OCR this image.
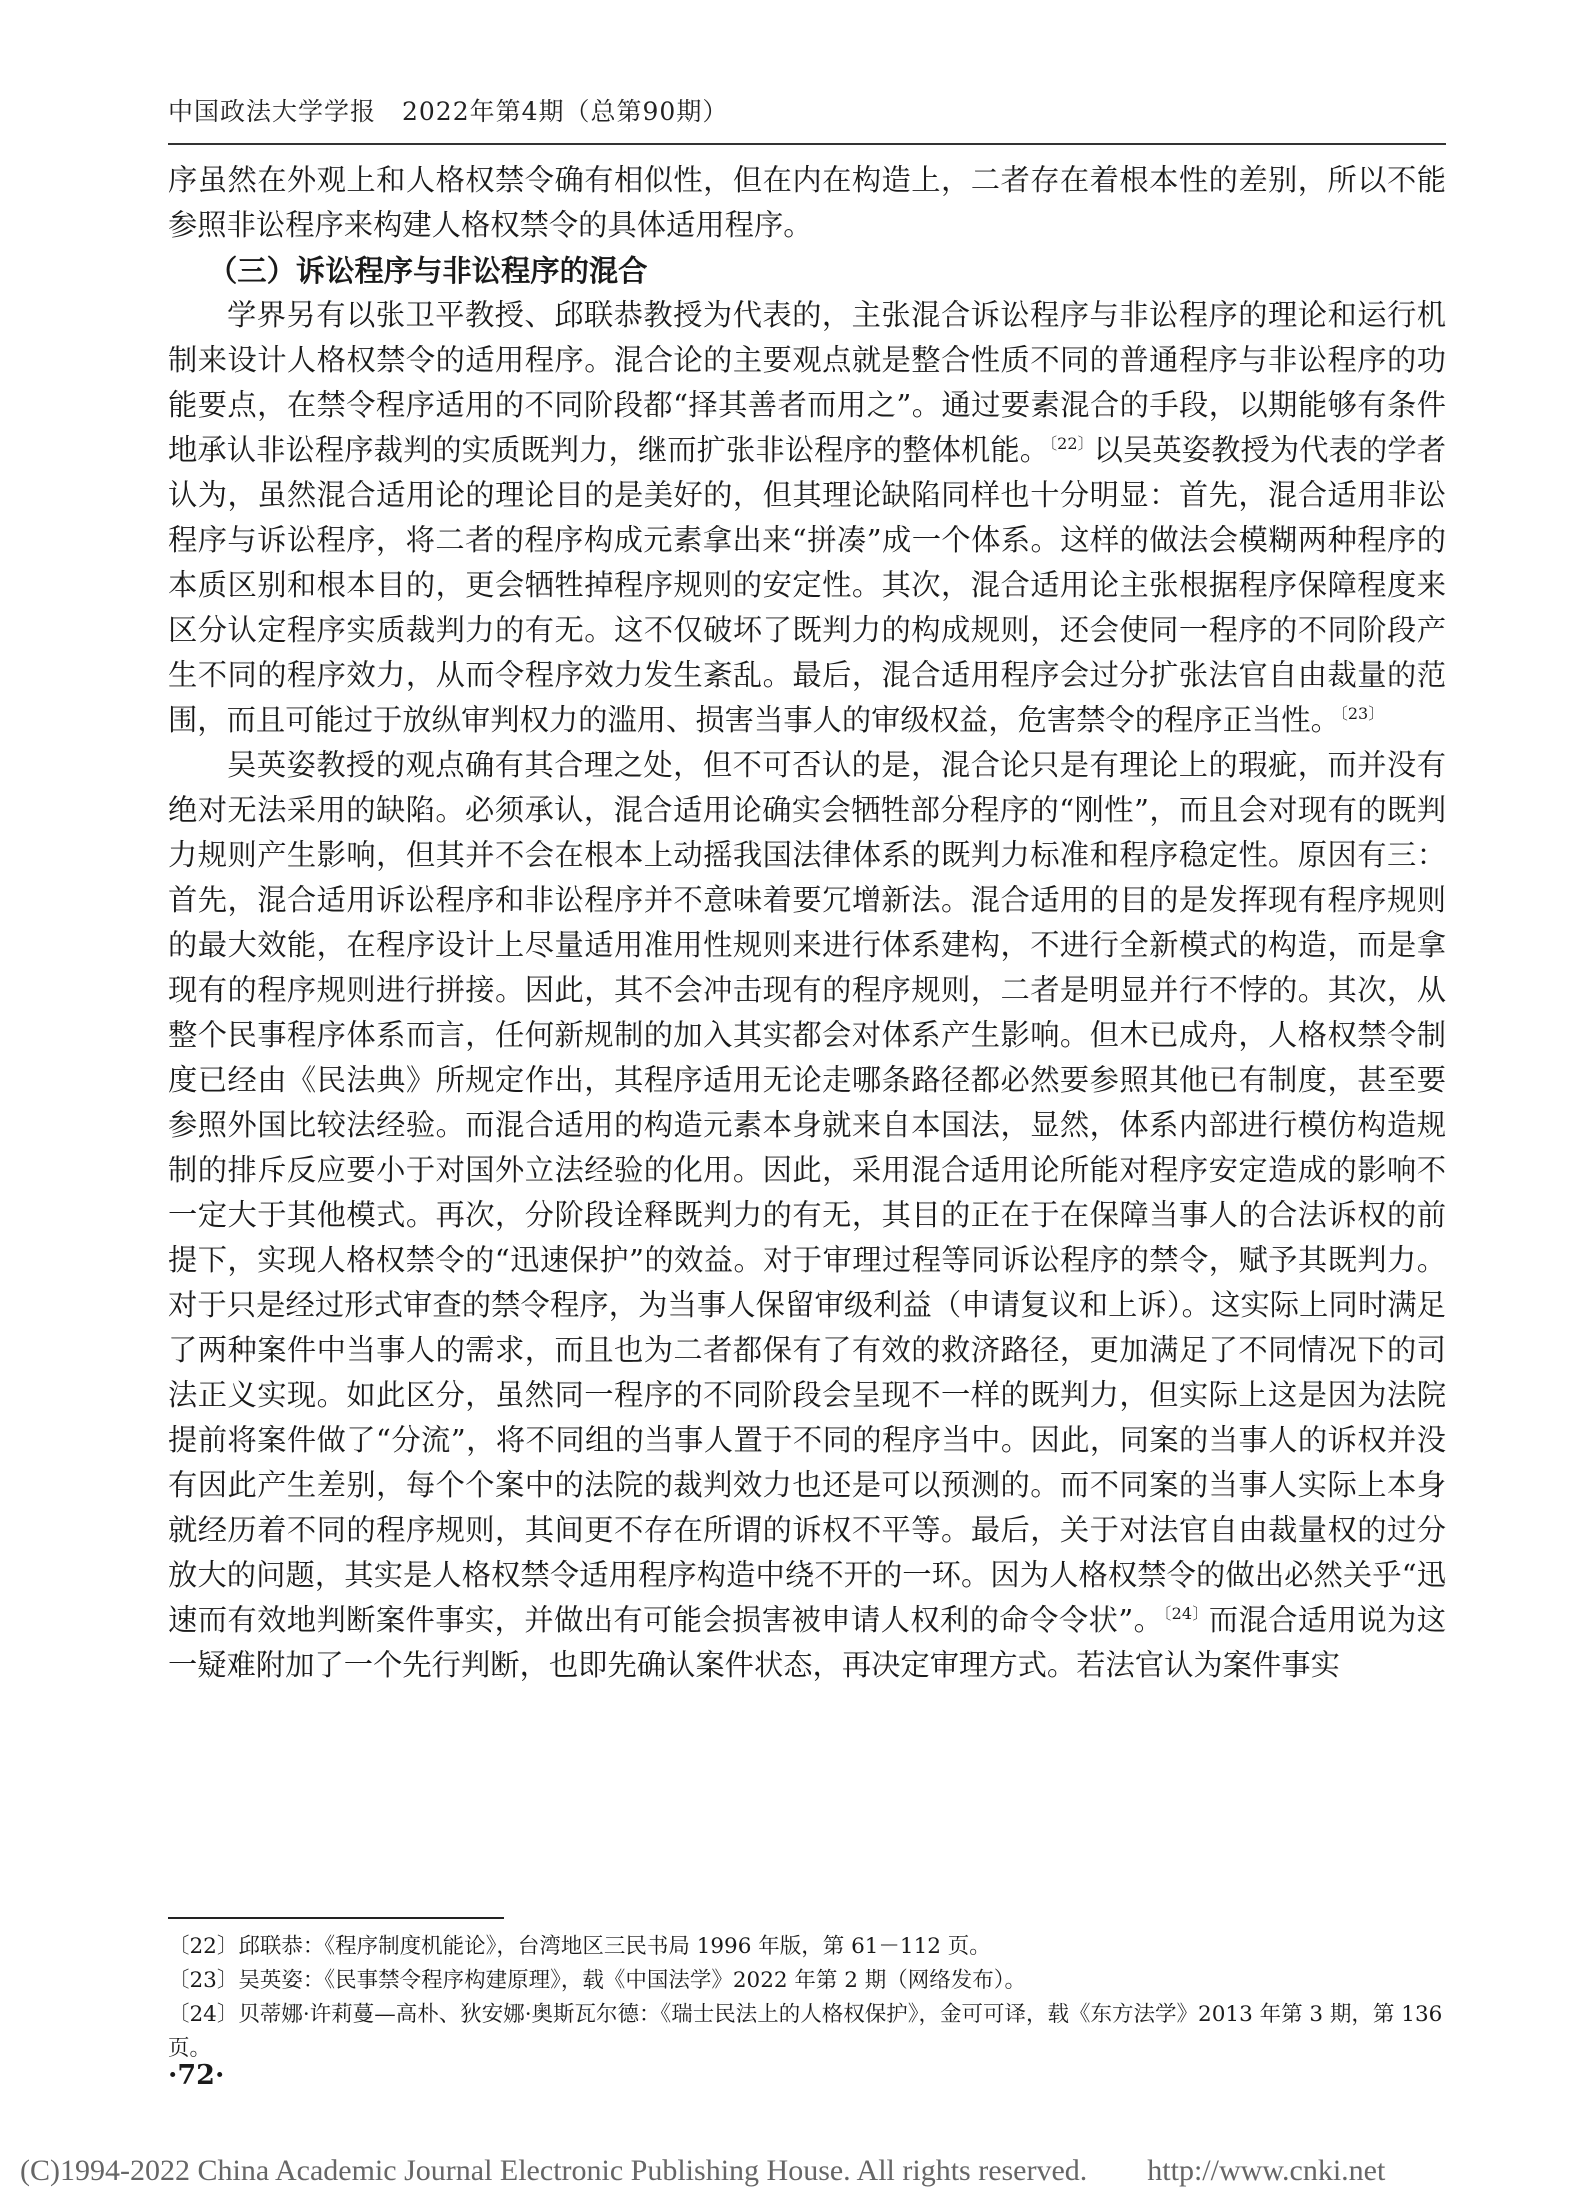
中国政法大学学报　2022年第4期（总第90期）

序虽然在外观上和人格权禁令确有相似性，但在内在构造上，二者存在着根本性的差别，所以不能参照非讼程序来构建人格权禁令的具体适用程序。

（三）诉讼程序与非讼程序的混合

学界另有以张卫平教授、邱联恭教授为代表的，主张混合诉讼程序与非讼程序的理论和运行机制来设计人格权禁令的适用程序。混合论的主要观点就是整合性质不同的普通程序与非讼程序的功能要点，在禁令程序适用的不同阶段都“择其善者而用之”。通过要素混合的手段，以期能够有条件地承认非讼程序裁判的实质既判力，继而扩张非讼程序的整体机能。$^{〔22〕}$以吴英姿教授为代表的学者认为，虽然混合适用论的理论目的是美好的，但其理论缺陷同样也十分明显：首先，混合适用非讼程序与诉讼程序，将二者的程序构成元素拿出来“拼凑”成一个体系。这样的做法会模糊两种程序的本质区别和根本目的，更会牺牲掉程序规则的安定性。其次，混合适用论主张根据程序保障程度来区分认定程序实质裁判力的有无。这不仅破坏了既判力的构成规则，还会使同一程序的不同阶段产生不同的程序效力，从而令程序效力发生紊乱。最后，混合适用程序会过分扩张法官自由裁量的范围，而且可能过于放纵审判权力的滥用、损害当事人的审级权益，危害禁令的程序正当性。$^{〔23〕}$

吴英姿教授的观点确有其合理之处，但不可否认的是，混合论只是有理论上的瑕疵，而并没有绝对无法采用的缺陷。必须承认，混合适用论确实会牺牲部分程序的“刚性”，而且会对现有的既判力规则产生影响，但其并不会在根本上动摇我国法律体系的既判力标准和程序稳定性。原因有三：首先，混合适用诉讼程序和非讼程序并不意味着要冗增新法。混合适用的目的是发挥现有程序规则的最大效能，在程序设计上尽量适用准用性规则来进行体系建构，不进行全新模式的构造，而是拿现有的程序规则进行拼接。因此，其不会冲击现有的程序规则，二者是明显并行不悖的。其次，从整个民事程序体系而言，任何新规制的加入其实都会对体系产生影响。但木已成舟，人格权禁令制度已经由《民法典》所规定作出，其程序适用无论走哪条路径都必然要参照其他已有制度，甚至要参照外国比较法经验。而混合适用的构造元素本身就来自本国法，显然，体系内部进行模仿构造规制的排斥反应要小于对国外立法经验的化用。因此，采用混合适用论所能对程序安定造成的影响不一定大于其他模式。再次，分阶段诠释既判力的有无，其目的正在于在保障当事人的合法诉权的前提下，实现人格权禁令的“迅速保护”的效益。对于审理过程等同诉讼程序的禁令，赋予其既判力。对于只是经过形式审查的禁令程序，为当事人保留审级利益（申请复议和上诉）。这实际上同时满足了两种案件中当事人的需求，而且也为二者都保有了有效的救济路径，更加满足了不同情况下的司法正义实现。如此区分，虽然同一程序的不同阶段会呈现不一样的既判力，但实际上这是因为法院提前将案件做了“分流”，将不同组的当事人置于不同的程序当中。因此，同案的当事人的诉权并没有因此产生差别，每个个案中的法院的裁判效力也还是可以预测的。而不同案的当事人实际上本身就经历着不同的程序规则，其间更不存在所谓的诉权不平等。最后，关于对法官自由裁量权的过分放大的问题，其实是人格权禁令适用程序构造中绕不开的一环。因为人格权禁令的做出必然关乎“迅速而有效地判断案件事实，并做出有可能会损害被申请人权利的命令令状”。$^{〔24〕}$而混合适用说为这一疑难附加了一个先行判断，也即先确认案件状态，再决定审理方式。若法官认为案件事实

〔22〕邱联恭：《程序制度机能论》，台湾地区三民书局 1996 年版，第 61－112 页。
〔23〕吴英姿：《民事禁令程序构建原理》，载《中国法学》2022 年第 2 期（网络发布）。
〔24〕贝蒂娜·许莉蔓—高朴、狄安娜·奥斯瓦尔德：《瑞士民法上的人格权保护》，金可可译，载《东方法学》2013 年第 3 期，第 136 页。
·72·
(C)1994-2022 China Academic Journal Electronic Publishing House. All rights reserved.　　http://www.cnki.net
